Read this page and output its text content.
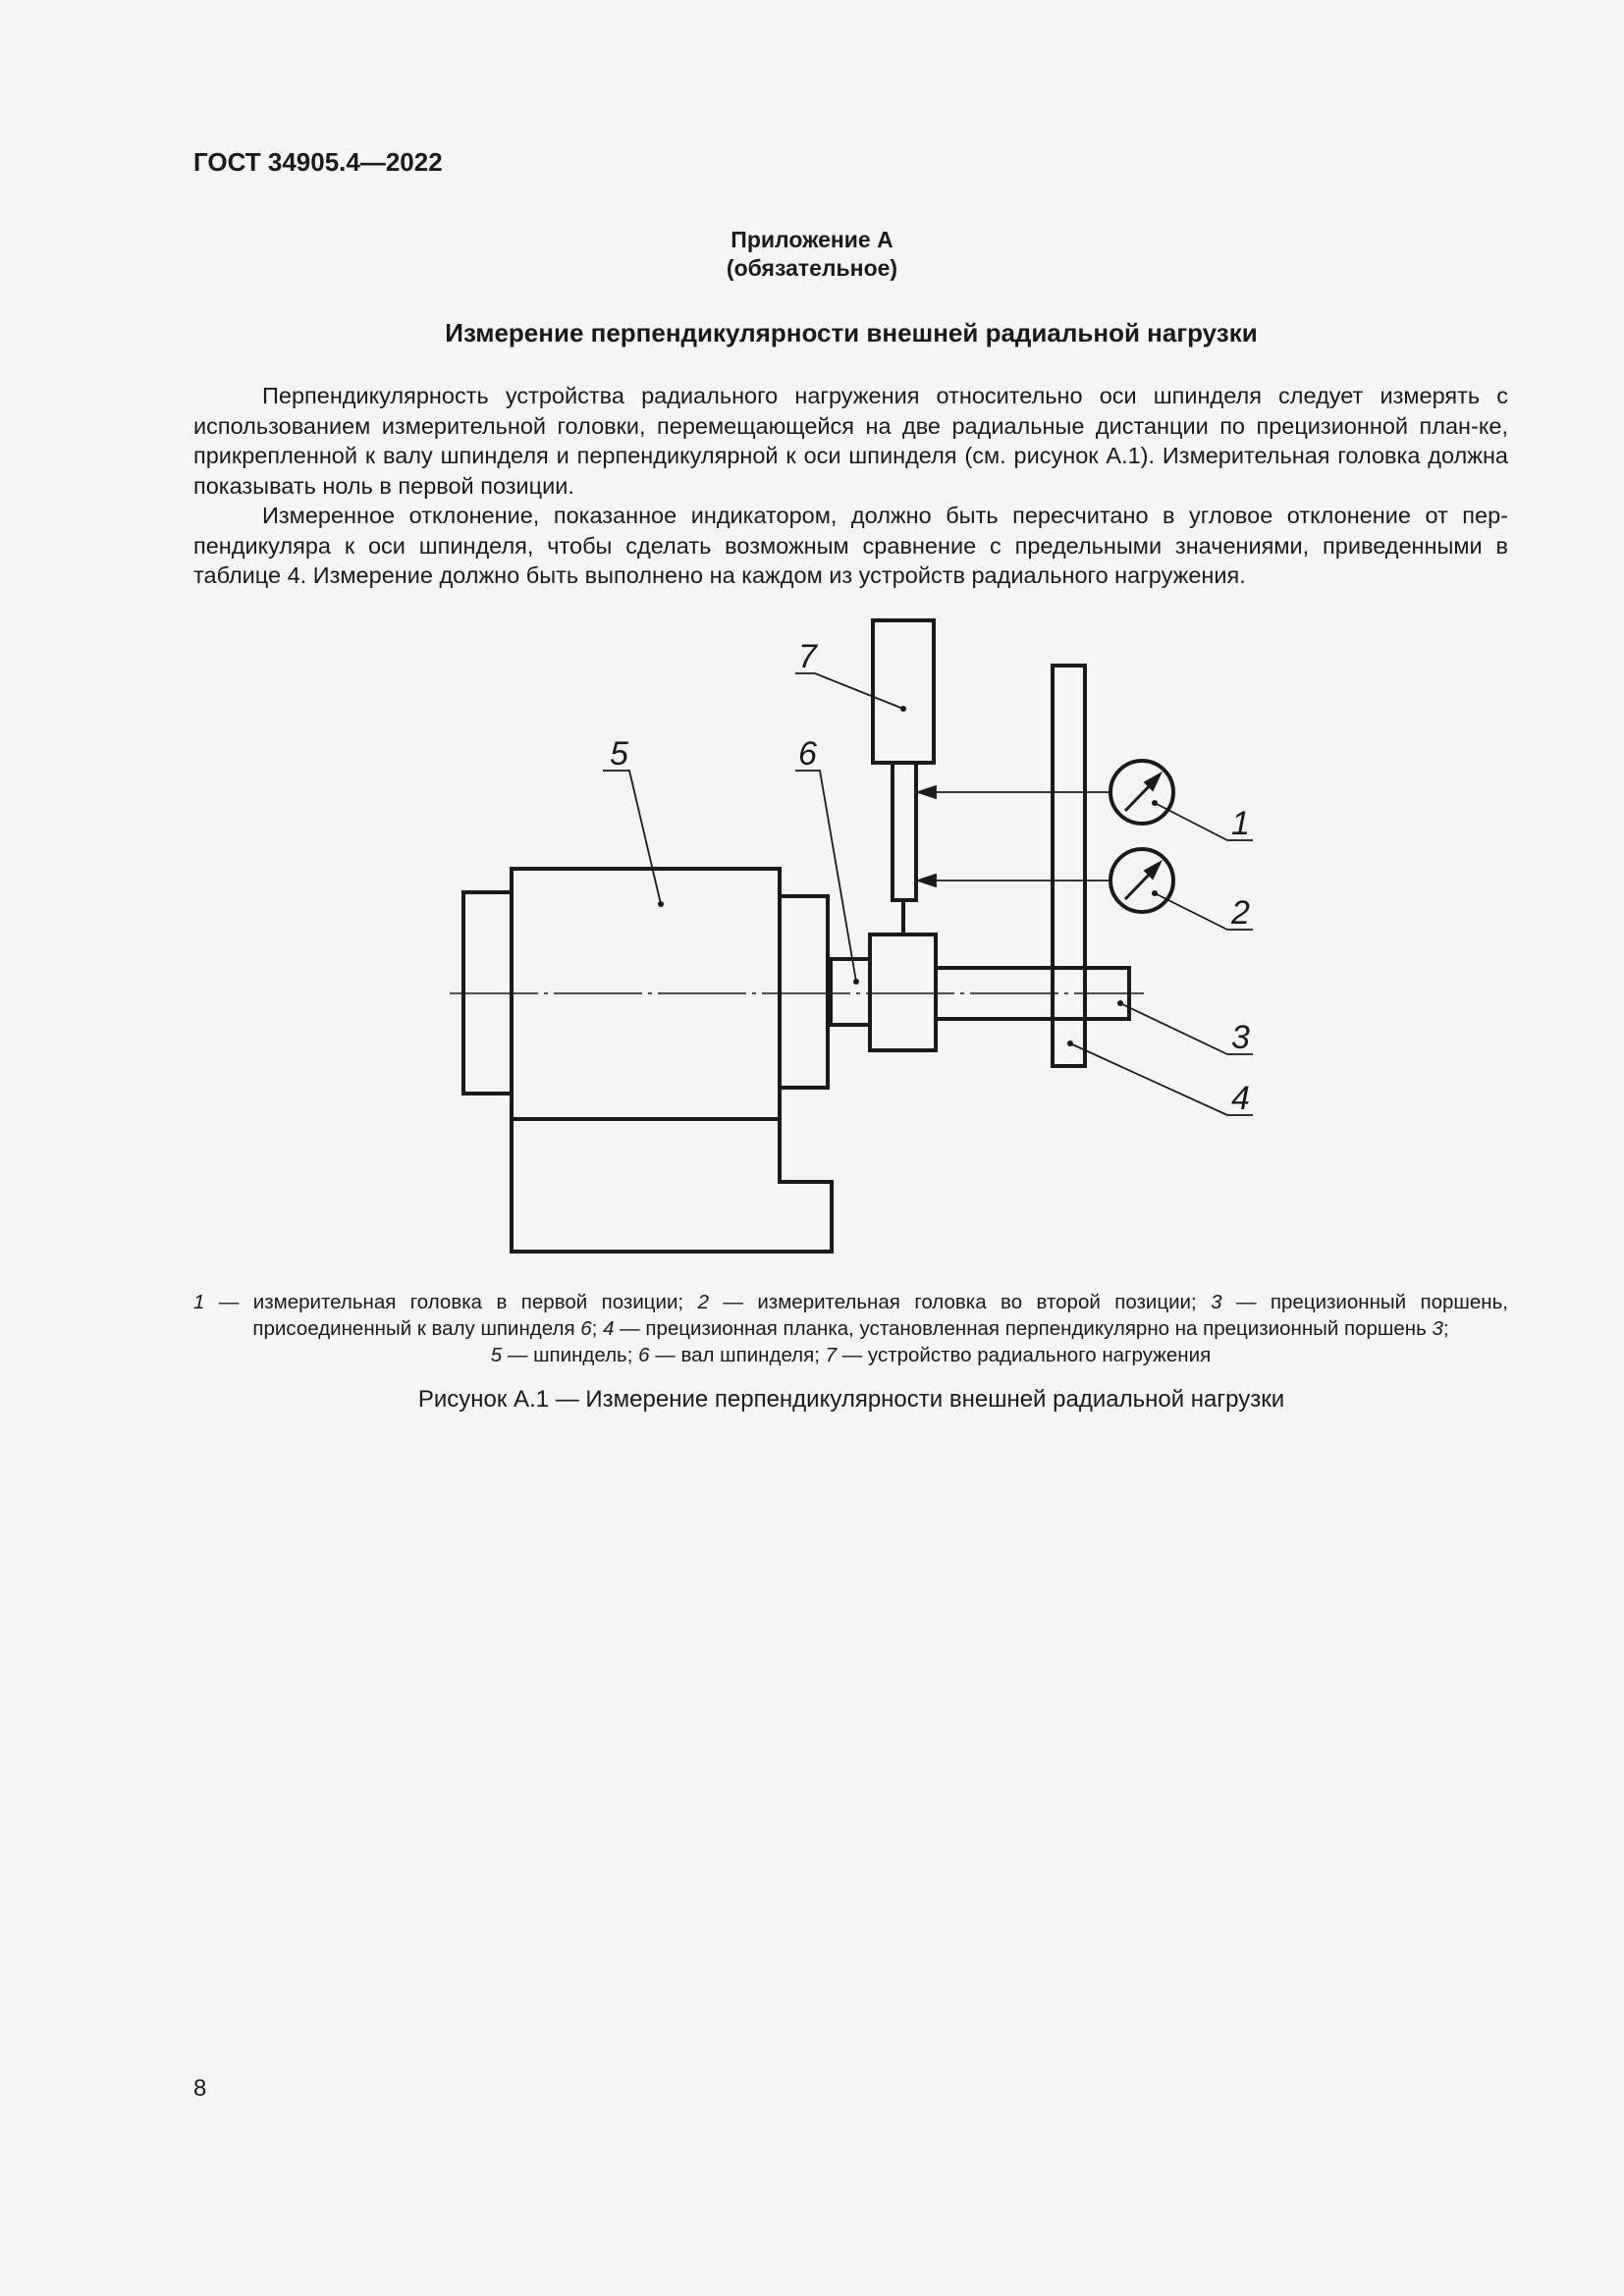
ГОСТ 34905.4—2022
Приложение А
(обязательное)
Измерение перпендикулярности внешней радиальной нагрузки
Перпендикулярность устройства радиального нагружения относительно оси шпинделя следует измерять с использованием измерительной головки, перемещающейся на две радиальные дистанции по прецизионной план-ке, прикрепленной к валу шпинделя и перпендикулярной к оси шпинделя (см. рисунок А.1). Измерительная головка должна показывать ноль в первой позиции.
Измеренное отклонение, показанное индикатором, должно быть пересчитано в угловое отклонение от пер-пендикуляра к оси шпинделя, чтобы сделать возможным сравнение с предельными значениями, приведенными в таблице 4. Измерение должно быть выполнено на каждом из устройств радиального нагружения.
1
2
3
4
5	6
7
1 — измерительная головка в первой позиции; 2 — измерительная головка во второй позиции; 3 — прецизионный поршень, присоединенный к валу шпинделя 6; 4 — прецизионная планка, установленная перпендикулярно на прецизионный поршень 3;
5 — шпиндель; 6 — вал шпинделя; 7 — устройство радиального нагружения
Рисунок А.1 — Измерение перпендикулярности внешней радиальной нагрузки
8
